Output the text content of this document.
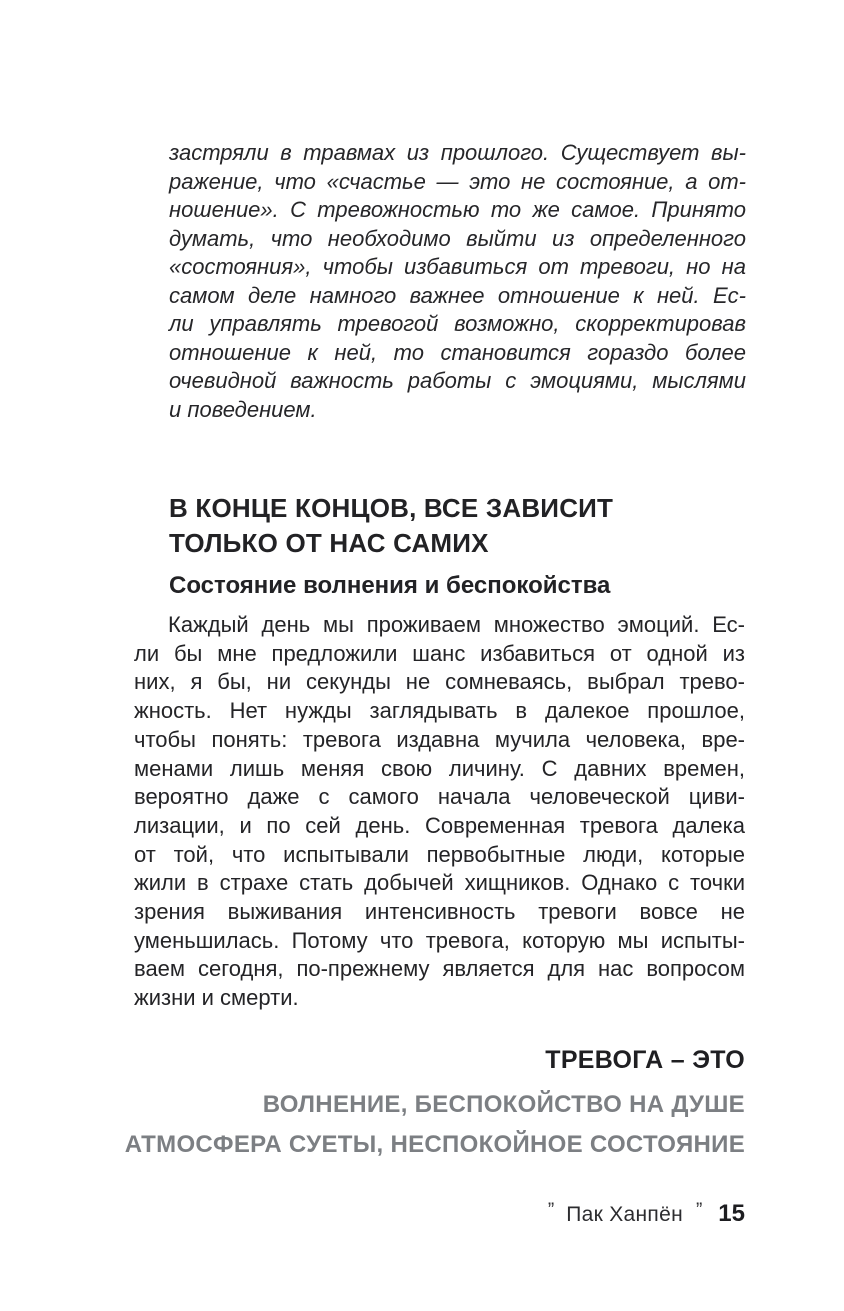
застряли в травмах из прошлого. Существует вы-
ражение, что «счастье — это не состояние, а от-
ношение». С тревожностью то же самое. Принято
думать, что необходимо выйти из определенного
«состояния», чтобы избавиться от тревоги, но на
самом деле намного важнее отношение к ней. Ес-
ли управлять тревогой возможно, скорректировав
отношение к ней, то становится гораздо более
очевидной важность работы с эмоциями, мыслями
и поведением.
В КОНЦЕ КОНЦОВ, ВСЕ ЗАВИСИТ
ТОЛЬКО ОТ НАС САМИХ
Состояние волнения и беспокойства
Каждый день мы проживаем множество эмоций. Ес-
ли бы мне предложили шанс избавиться от одной из
них, я бы, ни секунды не сомневаясь, выбрал трево-
жность. Нет нужды заглядывать в далекое прошлое,
чтобы понять: тревога издавна мучила человека, вре-
менами лишь меняя свою личину. С давних времен,
вероятно даже с самого начала человеческой циви-
лизации, и по сей день. Современная тревога далека
от той, что испытывали первобытные люди, которые
жили в страхе стать добычей хищников. Однако с точки
зрения выживания интенсивность тревоги вовсе не
уменьшилась. Потому что тревога, которую мы испыты-
ваем сегодня, по-прежнему является для нас вопросом
жизни и смерти.
ТРЕВОГА – ЭТО
ВОЛНЕНИЕ, БЕСПОКОЙСТВО НА ДУШЕ
АТМОСФЕРА СУЕТЫ, НЕСПОКОЙНОЕ СОСТОЯНИЕ
” Пак Ханпён ” 15
